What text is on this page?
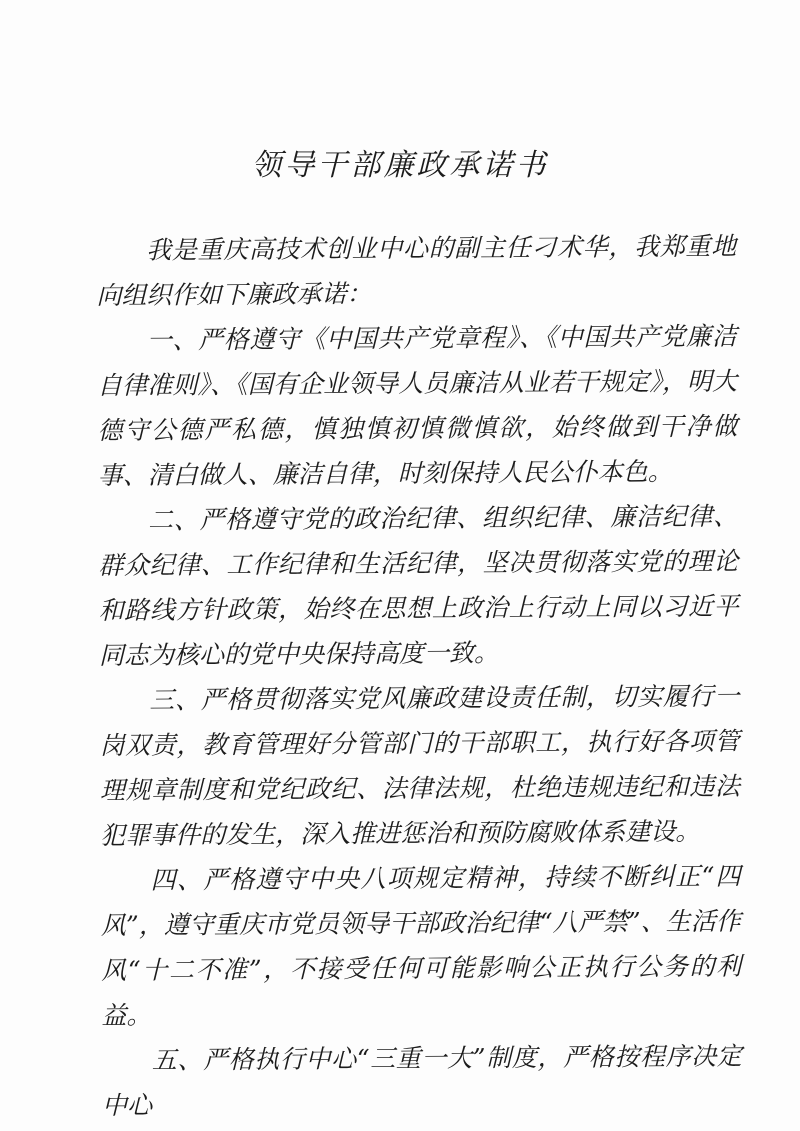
领导干部廉政承诺书

我是重庆高技术创业中心的副主任刁术华，我郑重地向组织作如下廉政承诺：

一、严格遵守《中国共产党章程》、《中国共产党廉洁自律准则》、《国有企业领导人员廉洁从业若干规定》，明大德守公德严私德，慎独慎初慎微慎欲，始终做到干净做事、清白做人、廉洁自律，时刻保持人民公仆本色。

二、严格遵守党的政治纪律、组织纪律、廉洁纪律、群众纪律、工作纪律和生活纪律，坚决贯彻落实党的理论和路线方针政策，始终在思想上政治上行动上同以习近平同志为核心的党中央保持高度一致。

三、严格贯彻落实党风廉政建设责任制，切实履行一岗双责，教育管理好分管部门的干部职工，执行好各项管理规章制度和党纪政纪、法律法规，杜绝违规违纪和违法犯罪事件的发生，深入推进惩治和预防腐败体系建设。

四、严格遵守中央八项规定精神，持续不断纠正“四风”，遵守重庆市党员领导干部政治纪律“八严禁”、生活作风“十二不准”，不接受任何可能影响公正执行公务的利益。

五、严格执行中心“三重一大”制度，严格按程序决定中心
